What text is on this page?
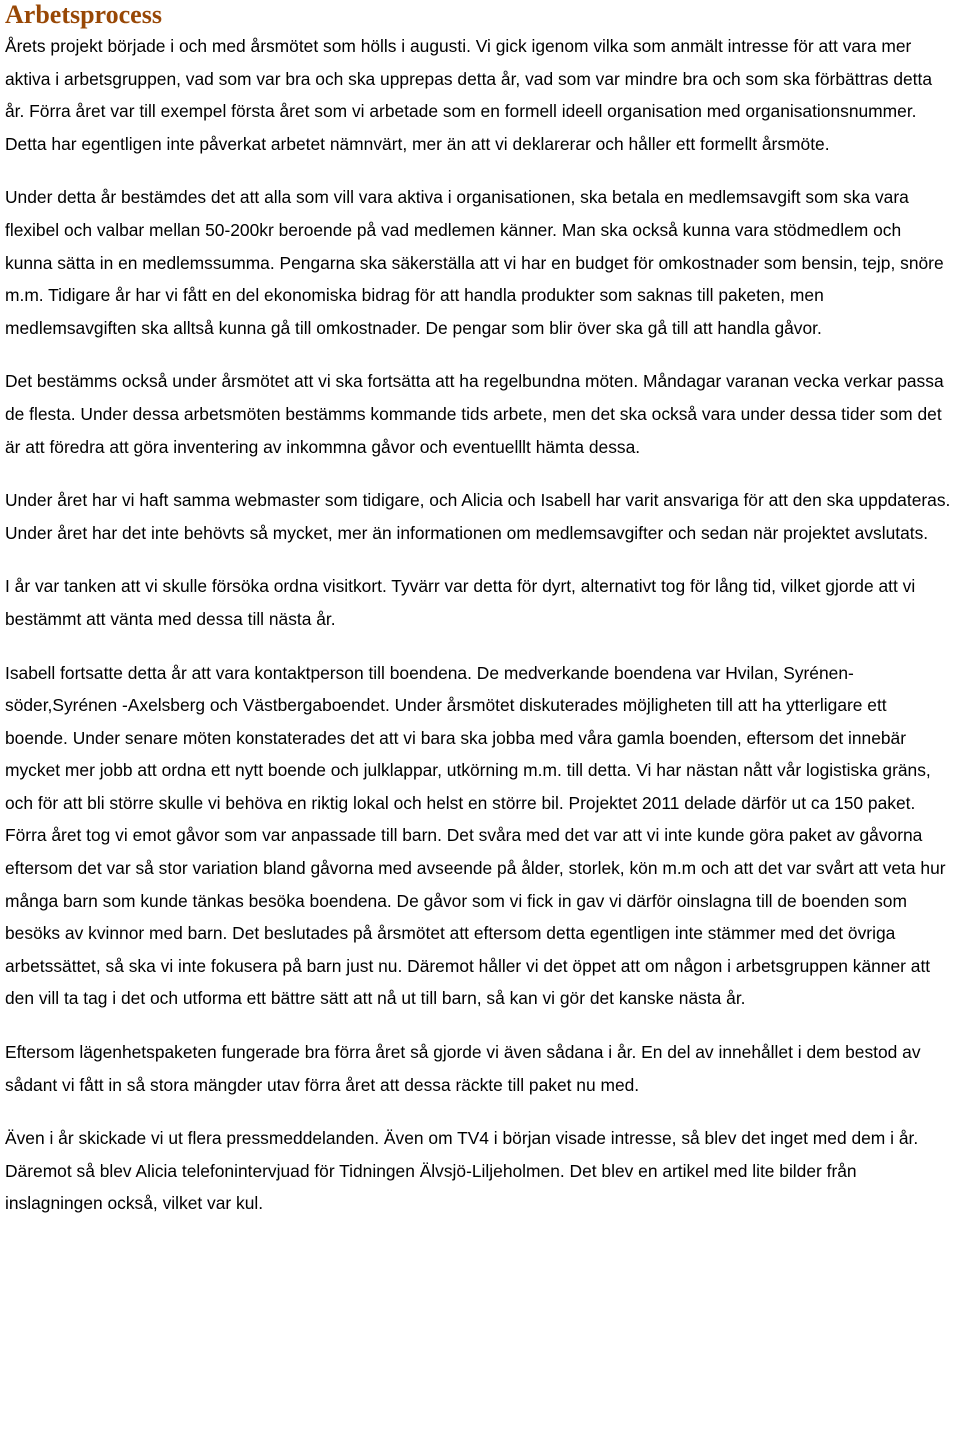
Arbetsprocess

Årets projekt började i och med årsmötet som hölls i augusti. Vi gick igenom vilka som anmält intresse för att vara mer aktiva i arbetsgruppen, vad som var bra och ska upprepas detta år, vad som var mindre bra och som ska förbättras detta år. Förra året var till exempel första året som vi arbetade som en formell ideell organisation med organisationsnummer. Detta har egentligen inte påverkat arbetet nämnvärt, mer än att vi deklarerar och håller ett formellt årsmöte.

Under detta år bestämdes det att alla som vill vara aktiva i organisationen, ska betala en medlemsavgift som ska vara flexibel och valbar mellan 50-200kr beroende på vad medlemen känner. Man ska också kunna vara stödmedlem och kunna sätta in en medlemssumma. Pengarna ska säkerställa att vi har en budget för omkostnader som bensin, tejp, snöre m.m. Tidigare år har vi fått en del ekonomiska bidrag för att handla produkter som saknas till paketen, men medlemsavgiften ska alltså kunna gå till omkostnader. De pengar som blir över ska gå till att handla gåvor.

Det bestämms också under årsmötet att vi ska fortsätta att ha regelbundna möten. Måndagar varanan vecka verkar passa de flesta. Under dessa arbetsmöten bestämms kommande tids arbete, men det ska också vara under dessa tider som det är att föredra att göra inventering av inkommna gåvor och eventuelllt hämta dessa.

Under året har vi haft samma webmaster som tidigare, och Alicia och Isabell har varit ansvariga för att den ska uppdateras. Under året har det inte behövts så mycket, mer än informationen om medlemsavgifter och sedan när projektet avslutats.

I år var tanken att vi skulle försöka ordna visitkort. Tyvärr var detta för dyrt, alternativt tog för lång tid, vilket gjorde att vi bestämmt att vänta med dessa till nästa år.

Isabell fortsatte detta år att vara kontaktperson till boendena. De medverkande boendena var Hvilan, Syrénen-söder,Syrénen -Axelsberg och Västbergaboendet. Under årsmötet diskuterades möjligheten till att ha ytterligare ett boende. Under senare möten konstaterades det att vi bara ska jobba med våra gamla boenden, eftersom det innebär mycket mer jobb att ordna ett nytt boende och julklappar, utkörning m.m. till detta. Vi har nästan nått vår logistiska gräns, och för att bli större skulle vi behöva en riktig lokal och helst en större bil. Projektet 2011 delade därför ut ca 150 paket. Förra året tog vi emot gåvor som var anpassade till barn. Det svåra med det var att vi inte kunde göra paket av gåvorna eftersom det var så stor variation bland gåvorna med avseende på ålder, storlek, kön m.m och att det var svårt att veta hur många barn som kunde tänkas besöka boendena. De gåvor som vi fick in gav vi därför oinslagna till de boenden som besöks av kvinnor med barn. Det beslutades på årsmötet att eftersom detta egentligen inte stämmer med det övriga arbetssättet, så ska vi inte fokusera på barn just nu. Däremot håller vi det öppet att om någon i arbetsgruppen känner att den vill ta tag i det och utforma ett bättre sätt att nå ut till barn, så kan vi gör det kanske nästa år.

Eftersom lägenhetspaketen fungerade bra förra året så gjorde vi även sådana i år. En del av innehållet i dem bestod av sådant vi fått in så stora mängder utav förra året att dessa räckte till paket nu med.

Även i år skickade vi ut flera pressmeddelanden. Även om TV4 i början visade intresse, så blev det inget med dem i år. Däremot så blev Alicia telefonintervjuad för Tidningen Älvsjö-Liljeholmen. Det blev en artikel med lite bilder från inslagningen också, vilket var kul.
